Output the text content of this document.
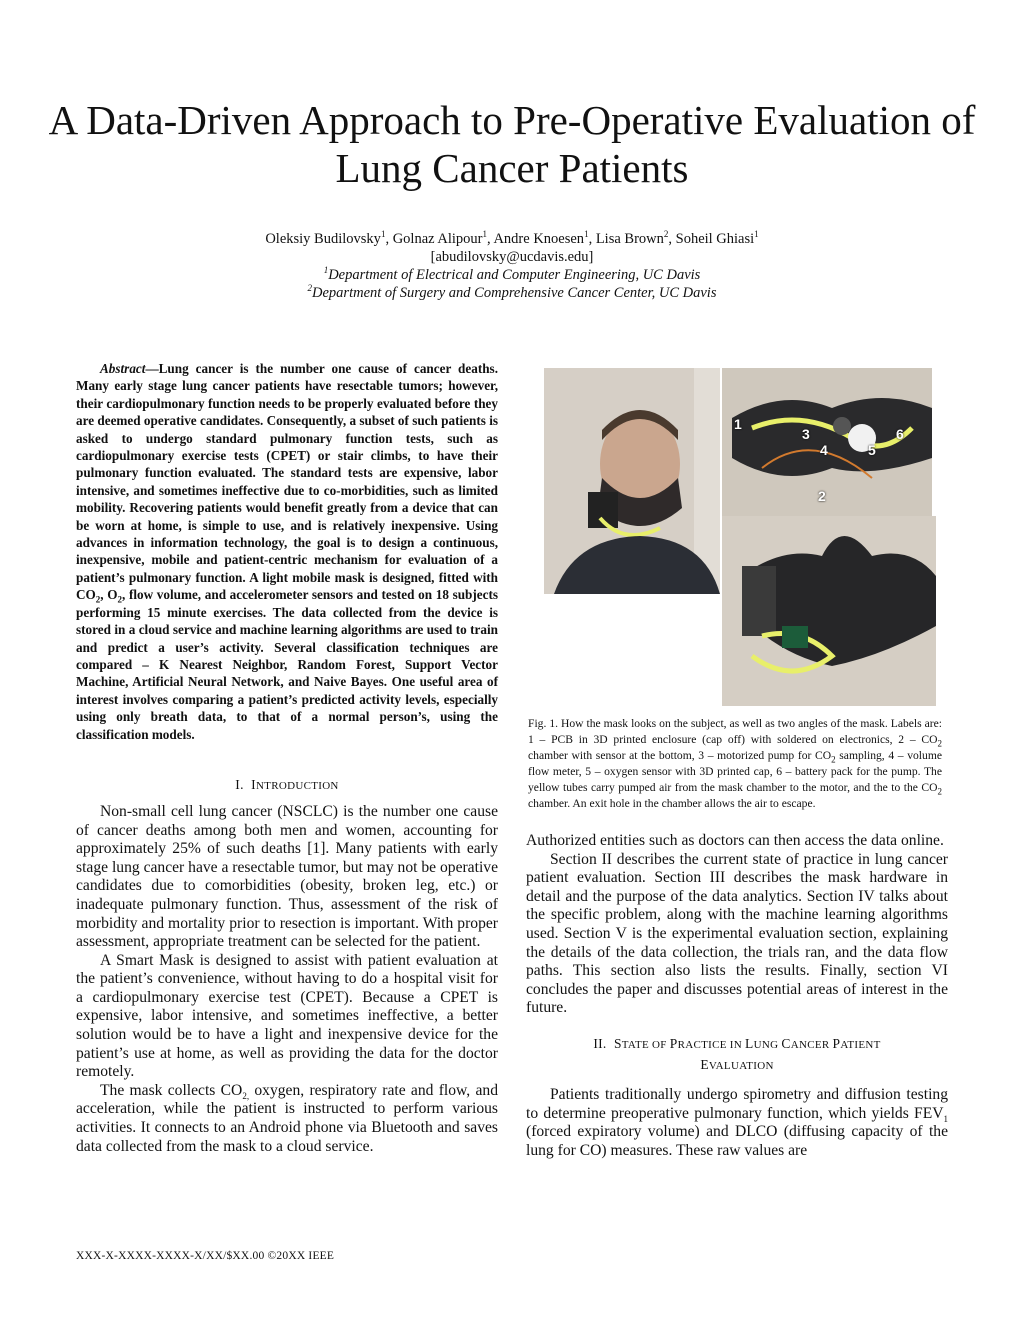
A Data-Driven Approach to Pre-Operative Evaluation of Lung Cancer Patients
Oleksiy Budilovsky$^1$, Golnaz Alipour$^1$, Andre Knoesen$^1$, Lisa Brown$^2$, Soheil Ghiasi$^1$
[abudilovsky@ucdavis.edu]
$^1$Department of Electrical and Computer Engineering, UC Davis
$^2$Department of Surgery and Comprehensive Cancer Center, UC Davis

Abstract—Lung cancer is the number one cause of cancer deaths. Many early stage lung cancer patients have resectable tumors; however, their cardiopulmonary function needs to be properly evaluated before they are deemed operative candidates. Consequently, a subset of such patients is asked to undergo standard pulmonary function tests, such as cardiopulmonary exercise tests (CPET) or stair climbs, to have their pulmonary function evaluated. The standard tests are expensive, labor intensive, and sometimes ineffective due to co-morbidities, such as limited mobility. Recovering patients would benefit greatly from a device that can be worn at home, is simple to use, and is relatively inexpensive. Using advances in information technology, the goal is to design a continuous, inexpensive, mobile and patient-centric mechanism for evaluation of a patient’s pulmonary function. A light mobile mask is designed, fitted with $CO_2$, $O_2$, flow volume, and accelerometer sensors and tested on 18 subjects performing 15 minute exercises. The data collected from the device is stored in a cloud service and machine learning algorithms are used to train and predict a user’s activity. Several classification techniques are compared – K Nearest Neighbor, Random Forest, Support Vector Machine, Artificial Neural Network, and Naive Bayes. One useful area of interest involves comparing a patient’s predicted activity levels, especially using only breath data, to that of a normal person’s, using the classification models.

I. INTRODUCTION

Non-small cell lung cancer (NSCLC) is the number one cause of cancer deaths among both men and women, accounting for approximately 25% of such deaths [1]. Many patients with early stage lung cancer have a resectable tumor, but may not be operative candidates due to comorbidities (obesity, broken leg, etc.) or inadequate pulmonary function. Thus, assessment of the risk of morbidity and mortality prior to resection is important. With proper assessment, appropriate treatment can be selected for the patient.

A Smart Mask is designed to assist with patient evaluation at the patient’s convenience, without having to do a hospital visit for a cardiopulmonary exercise test (CPET). Because a CPET is expensive, labor intensive, and sometimes ineffective, a better solution would be to have a light and inexpensive device for the patient’s use at home, as well as providing the data for the doctor remotely.

The mask collects $CO_{2,}$ oxygen, respiratory rate and flow, and acceleration, while the patient is instructed to perform various activities. It connects to an Android phone via Bluetooth and saves data collected from the mask to a cloud service.

1
2
3
4	5
6

Fig. 1. How the mask looks on the subject, as well as two angles of the mask. Labels are: 1 – PCB in 3D printed enclosure (cap off) with soldered on electronics, $2 - CO_2$ chamber with sensor at the bottom, 3 – motorized pump for $CO_2$ sampling, 4 – volume flow meter, 5 – oxygen sensor with 3D printed cap, 6 – battery pack for the pump. The yellow tubes carry pumped air from the mask chamber to the motor, and the to the $CO_2$ chamber. An exit hole in the chamber allows the air to escape.

Authorized entities such as doctors can then access the data online.

Section II describes the current state of practice in lung cancer patient evaluation. Section III describes the mask hardware in detail and the purpose of the data analytics. Section IV talks about the specific problem, along with the machine learning algorithms used. Section V is the experimental evaluation section, explaining the details of the data collection, the trials ran, and the data flow paths. This section also lists the results. Finally, section VI concludes the paper and discusses potential areas of interest in the future.

II. STATE OF PRACTICE IN LUNG CANCER PATIENT
EVALUATION

Patients traditionally undergo spirometry and diffusion testing to determine preoperative pulmonary function, which yields $FEV_1$ (forced expiratory volume) and DLCO (diffusing capacity of the lung for CO) measures. These raw values are

XXX-X-XXXX-XXXX-X/XX/$XX.00 ©20XX IEEE
